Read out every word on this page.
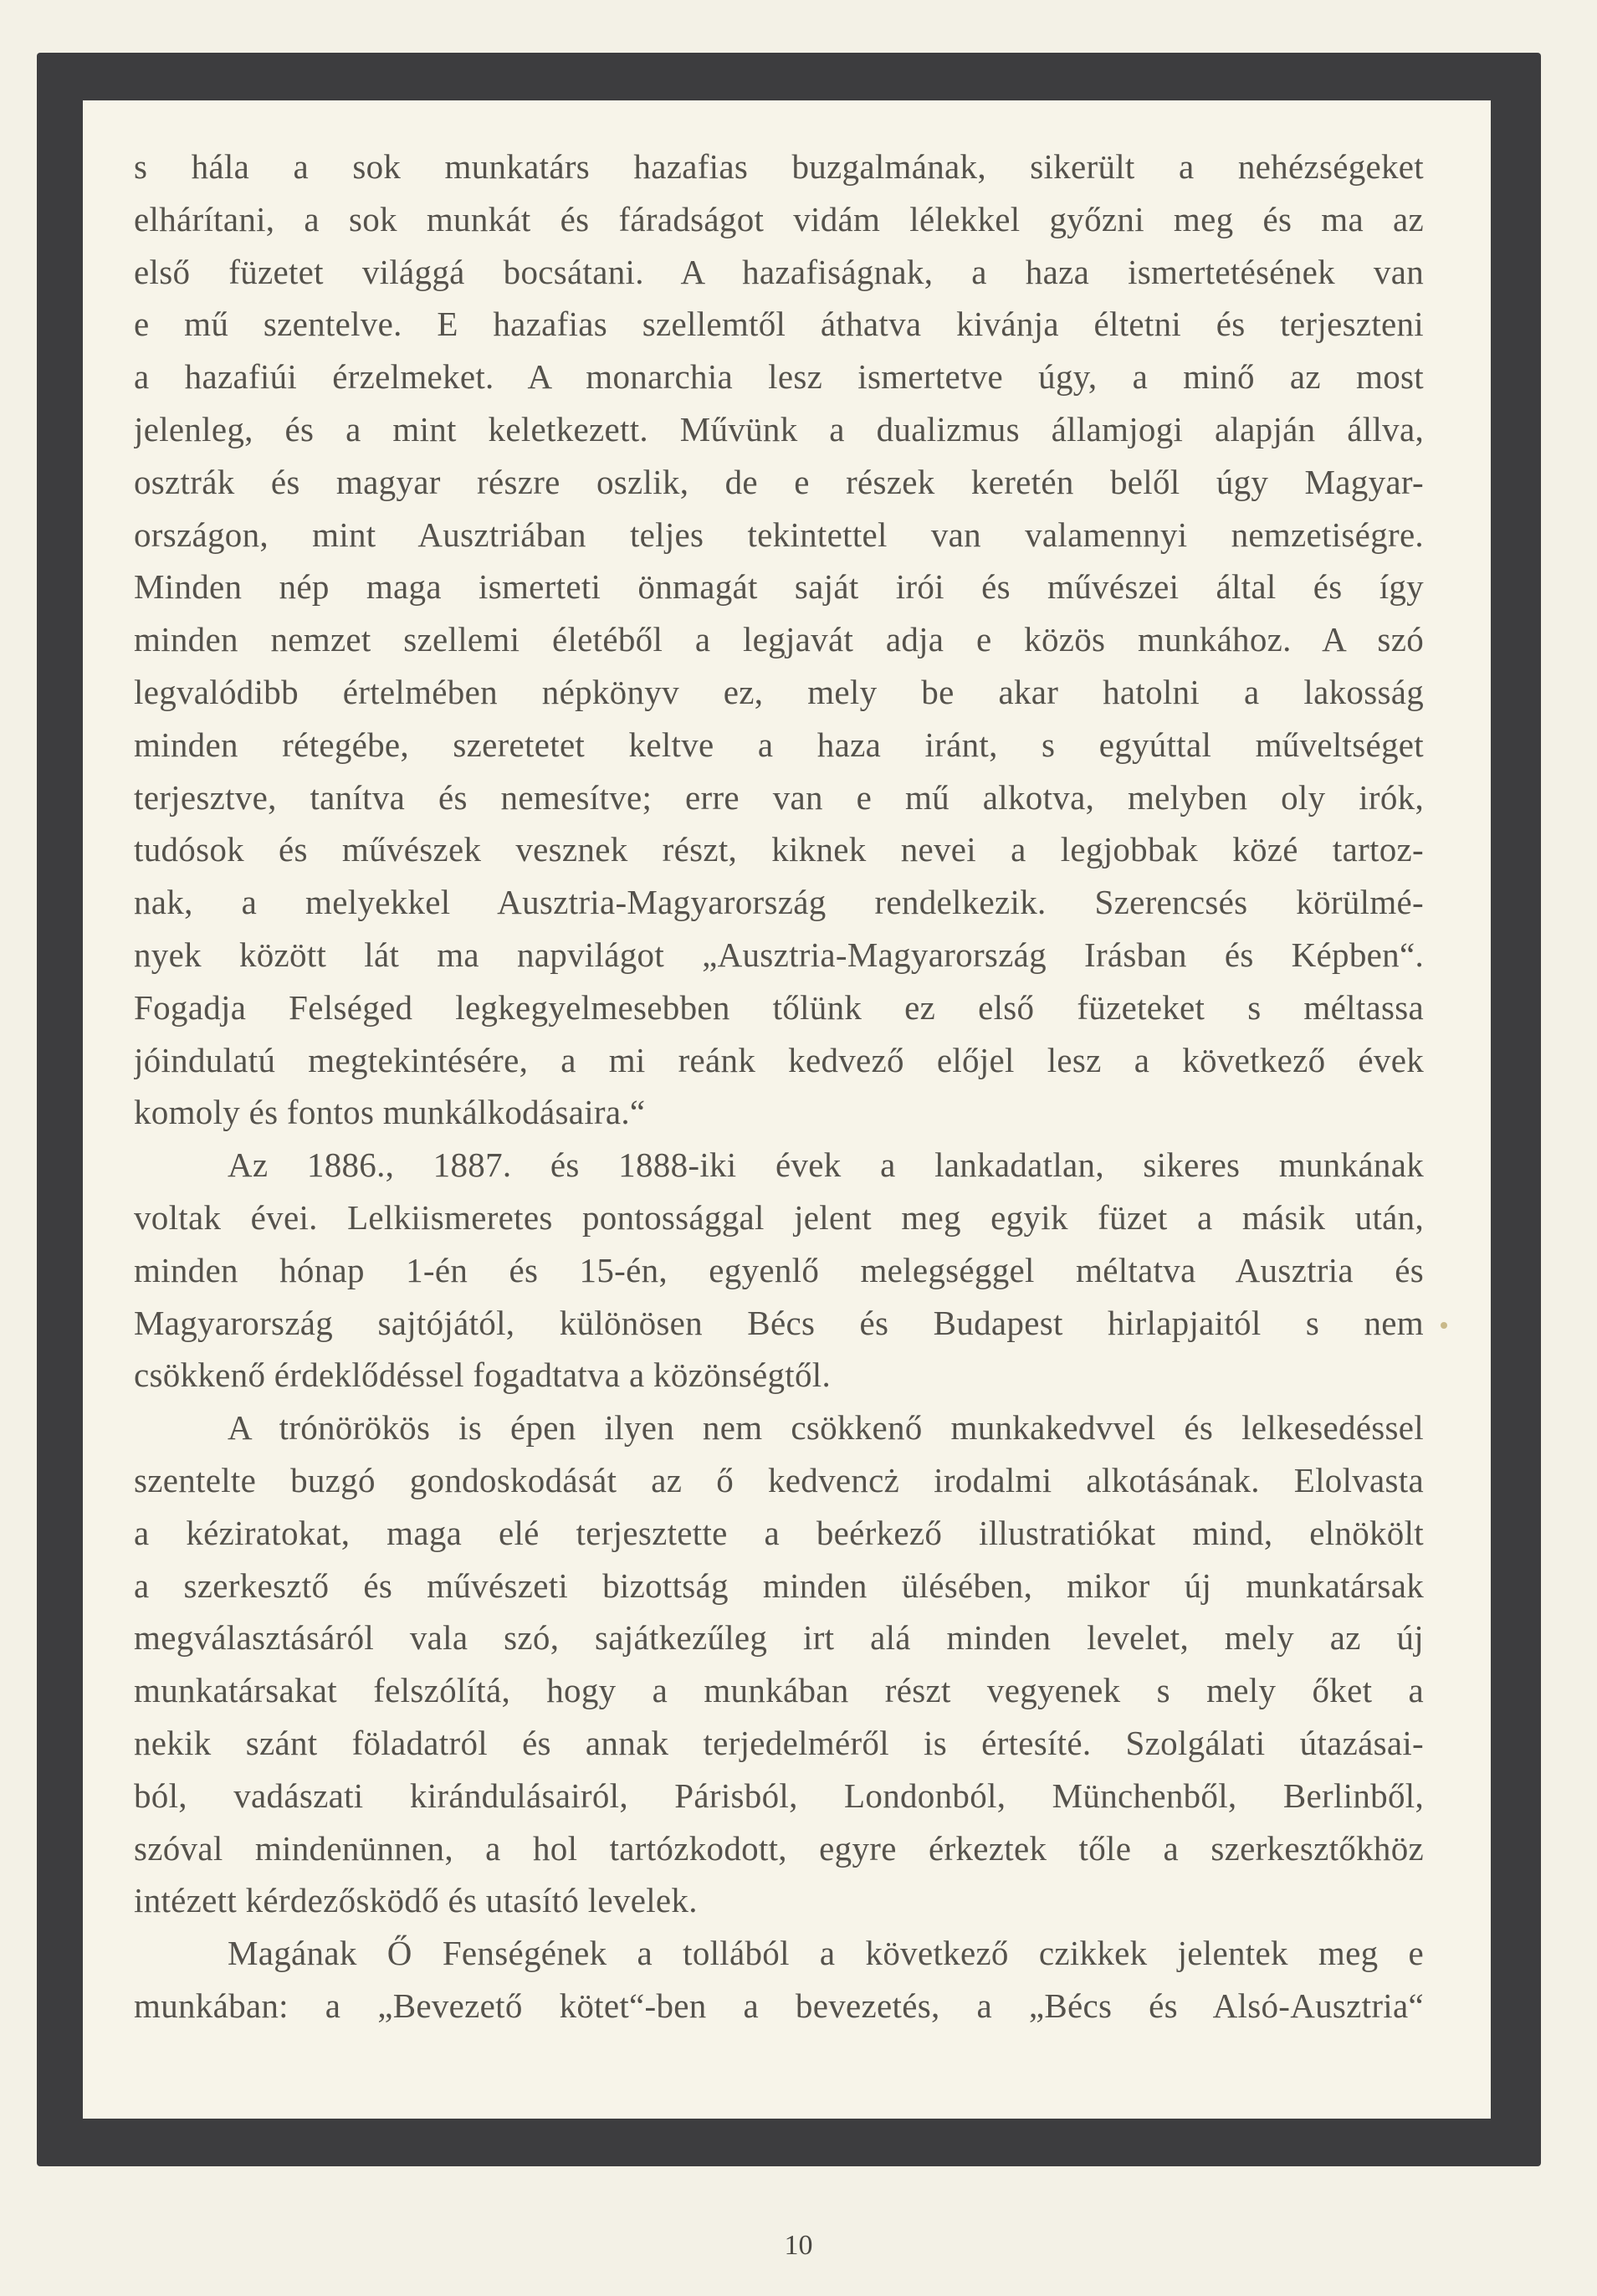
s hála a sok munkatárs hazafias buzgalmának, sikerült a nehézségeket

elhárítani, a sok munkát és fáradságot vidám lélekkel győzni meg és ma az

első füzetet világgá bocsátani. A hazafiságnak, a haza ismertetésének van

e mű szentelve. E hazafias szellemtől áthatva kivánja éltetni és terjeszteni

a hazafiúi érzelmeket. A monarchia lesz ismertetve úgy, a minő az most

jelenleg, és a mint keletkezett. Művünk a dualizmus államjogi alapján állva,

osztrák és magyar részre oszlik, de e részek keretén belől úgy Magyar-

országon, mint Ausztriában teljes tekintettel van valamennyi nemzetiségre.

Minden nép maga ismerteti önmagát saját irói és művészei által és így

minden nemzet szellemi életéből a legjavát adja e közös munkához. A szó

legvalódibb értelmében népkönyv ez, mely be akar hatolni a lakosság

minden rétegébe, szeretetet keltve a haza iránt, s egyúttal műveltséget

terjesztve, tanítva és nemesítve; erre van e mű alkotva, melyben oly irók,

tudósok és művészek vesznek részt, kiknek nevei a legjobbak közé tartoz-

nak, a melyekkel Ausztria-Magyarország rendelkezik. Szerencsés körülmé-

nyek között lát ma napvilágot „Ausztria-Magyarország Irásban és Képben“.

Fogadja Felséged legkegyelmesebben tőlünk ez első füzeteket s méltassa

jóindulatú megtekintésére, a mi reánk kedvező előjel lesz a következő évek

komoly és fontos munkálkodásaira.“

Az 1886., 1887. és 1888-iki évek a lankadatlan, sikeres munkának

voltak évei. Lelkiismeretes pontossággal jelent meg egyik füzet a másik után,

minden hónap 1-én és 15-én, egyenlő melegséggel méltatva Ausztria és

Magyarország sajtójától, különösen Bécs és Budapest hirlapjaitól s nem

csökkenő érdeklődéssel fogadtatva a közönségtől.

A trónörökös is épen ilyen nem csökkenő munkakedvvel és lelkesedéssel

szentelte buzgó gondoskodását az ő kedvencż irodalmi alkotásának. Elolvasta

a kéziratokat, maga elé terjesztette a beérkező illustratiókat mind, elnökölt

a szerkesztő és művészeti bizottság minden ülésében, mikor új munkatársak

megválasztásáról vala szó, sajátkezűleg irt alá minden levelet, mely az új

munkatársakat felszólítá, hogy a munkában részt vegyenek s mely őket a

nekik szánt föladatról és annak terjedelméről is értesíté. Szolgálati útazásai-

ból, vadászati kirándulásairól, Párisból, Londonból, Münchenből, Berlinből,

szóval mindenünnen, a hol tartózkodott, egyre érkeztek tőle a szerkesztőkhöz

intézett kérdezősködő és utasító levelek.

Magának Ő Fenségének a tollából a következő czikkek jelentek meg e

munkában: a „Bevezető kötet“-ben a bevezetés, a „Bécs és Alsó-Ausztria“

10
